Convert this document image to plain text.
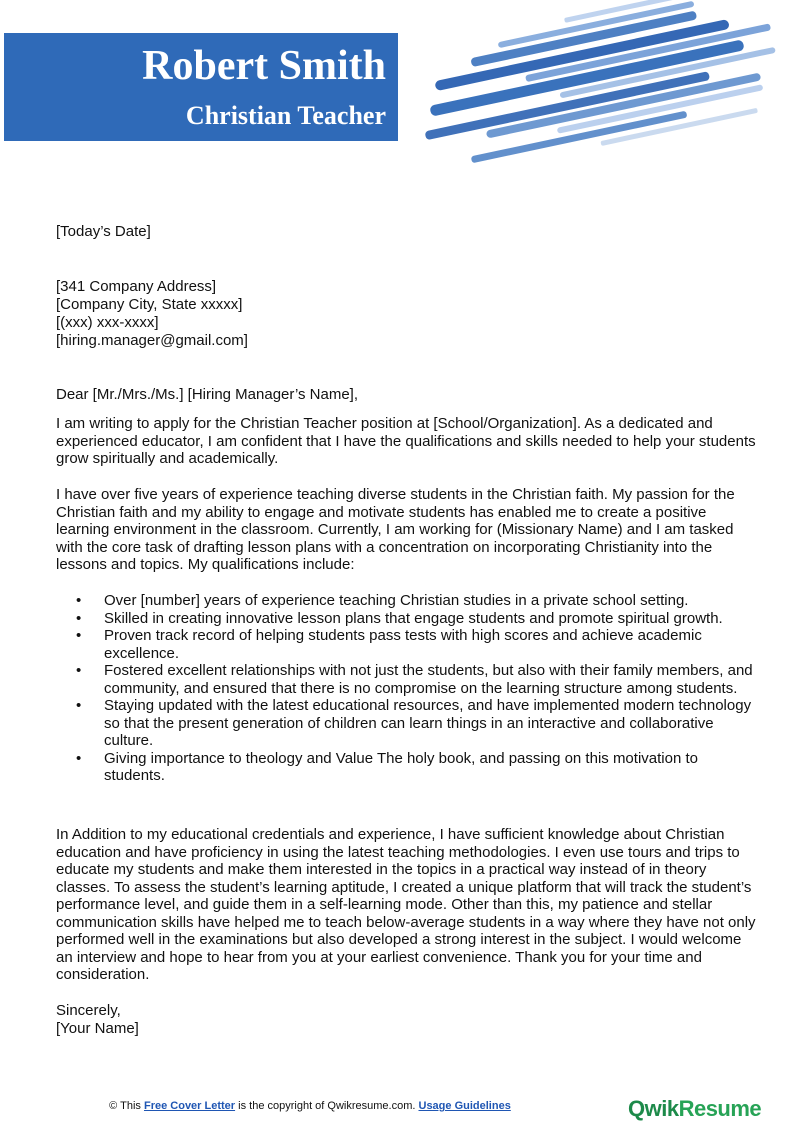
Robert Smith
Christian Teacher
[Today’s Date]
[341 Company Address]
[Company City, State xxxxx]
[(xxx) xxx-xxxx]
[hiring.manager@gmail.com]
Dear [Mr./Mrs./Ms.] [Hiring Manager’s Name],

I am writing to apply for the Christian Teacher position at [School/Organization]. As a dedicated and experienced educator, I am confident that I have the qualifications and skills needed to help your students grow spiritually and academically.

I have over five years of experience teaching diverse students in the Christian faith. My passion for the Christian faith and my ability to engage and motivate students has enabled me to create a positive learning environment in the classroom. Currently, I am working for (Missionary Name) and I am tasked with the core task of drafting lesson plans with a concentration on incorporating Christianity into the lessons and topics. My qualifications include:

• Over [number] years of experience teaching Christian studies in a private school setting.
• Skilled in creating innovative lesson plans that engage students and promote spiritual growth.
• Proven track record of helping students pass tests with high scores and achieve academic excellence.
• Fostered excellent relationships with not just the students, but also with their family members, and community, and ensured that there is no compromise on the learning structure among students.
• Staying updated with the latest educational resources, and have implemented modern technology so that the present generation of children can learn things in an interactive and collaborative culture.
• Giving importance to theology and Value The holy book, and passing on this motivation to students.

In Addition to my educational credentials and experience, I have sufficient knowledge about Christian education and have proficiency in using the latest teaching methodologies. I even use tours and trips to educate my students and make them interested in the topics in a practical way instead of in theory classes. To assess the student’s learning aptitude, I created a unique platform that will track the student’s performance level, and guide them in a self-learning mode. Other than this, my patience and stellar communication skills have helped me to teach below-average students in a way where they have not only performed well in the examinations but also developed a strong interest in the subject. I would welcome an interview and hope to hear from you at your earliest convenience. Thank you for your time and consideration.

Sincerely,
[Your Name]
© This Free Cover Letter is the copyright of Qwikresume.com. Usage Guidelines	QwikResume
